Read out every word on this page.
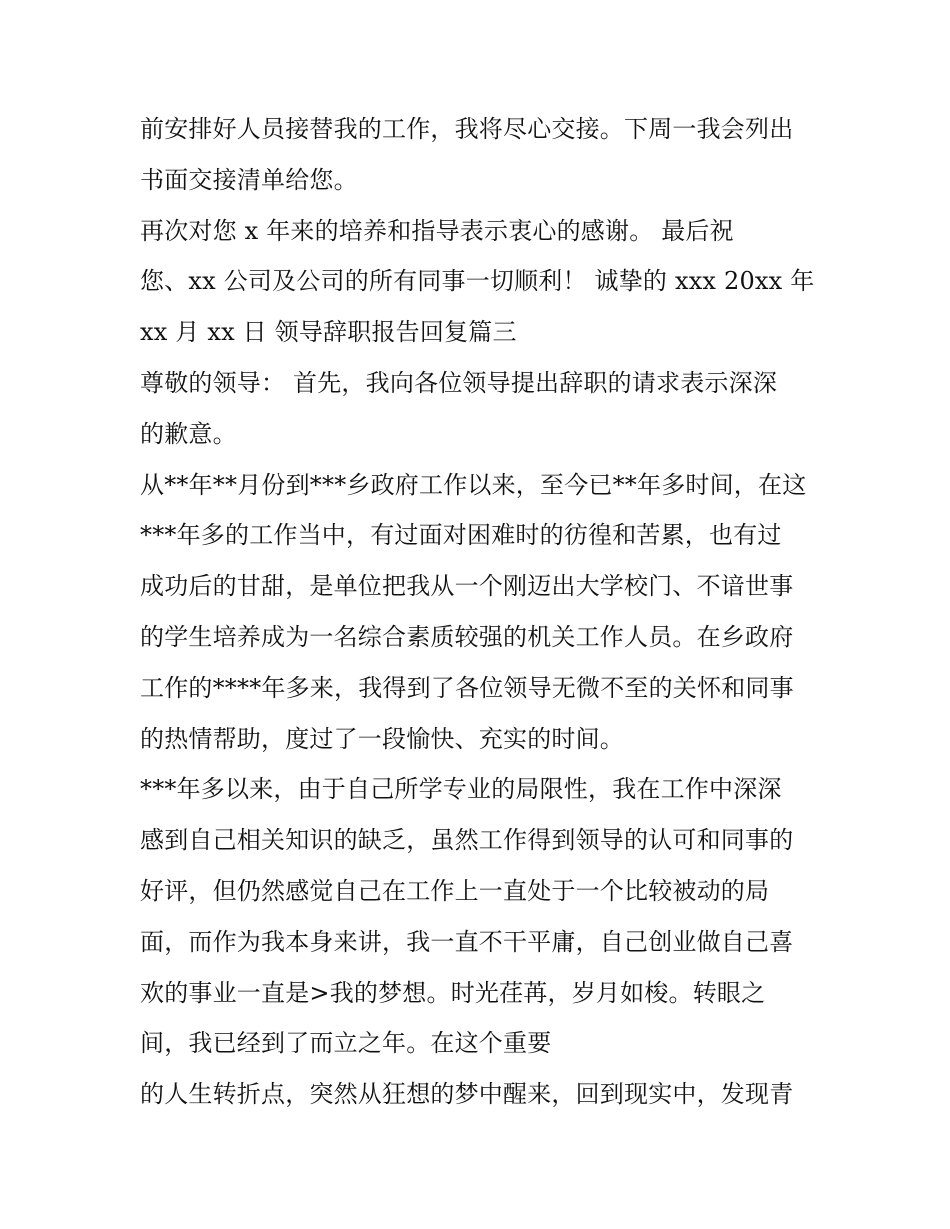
前安排好人员接替我的工作，我将尽心交接。下周一我会列出
书面交接清单给您。
再次对您 x 年来的培养和指导表示衷心的感谢。 最后祝
您、xx 公司及公司的所有同事一切顺利！ 诚挚的 xxx 20xx 年
xx 月 xx 日 领导辞职报告回复篇三
尊敬的领导： 首先，我向各位领导提出辞职的请求表示深深
的歉意。
从**年**月份到***乡政府工作以来，至今已**年多时间，在这
***年多的工作当中，有过面对困难时的彷徨和苦累，也有过
成功后的甘甜，是单位把我从一个刚迈出大学校门、不谙世事
的学生培养成为一名综合素质较强的机关工作人员。在乡政府
工作的****年多来，我得到了各位领导无微不至的关怀和同事
的热情帮助，度过了一段愉快、充实的时间。
***年多以来，由于自己所学专业的局限性，我在工作中深深
感到自己相关知识的缺乏，虽然工作得到领导的认可和同事的
好评，但仍然感觉自己在工作上一直处于一个比较被动的局
面，而作为我本身来讲，我一直不干平庸，自己创业做自己喜
欢的事业一直是>我的梦想。时光荏苒，岁月如梭。转眼之
间，我已经到了而立之年。在这个重要
的人生转折点，突然从狂想的梦中醒来，回到现实中，发现青
